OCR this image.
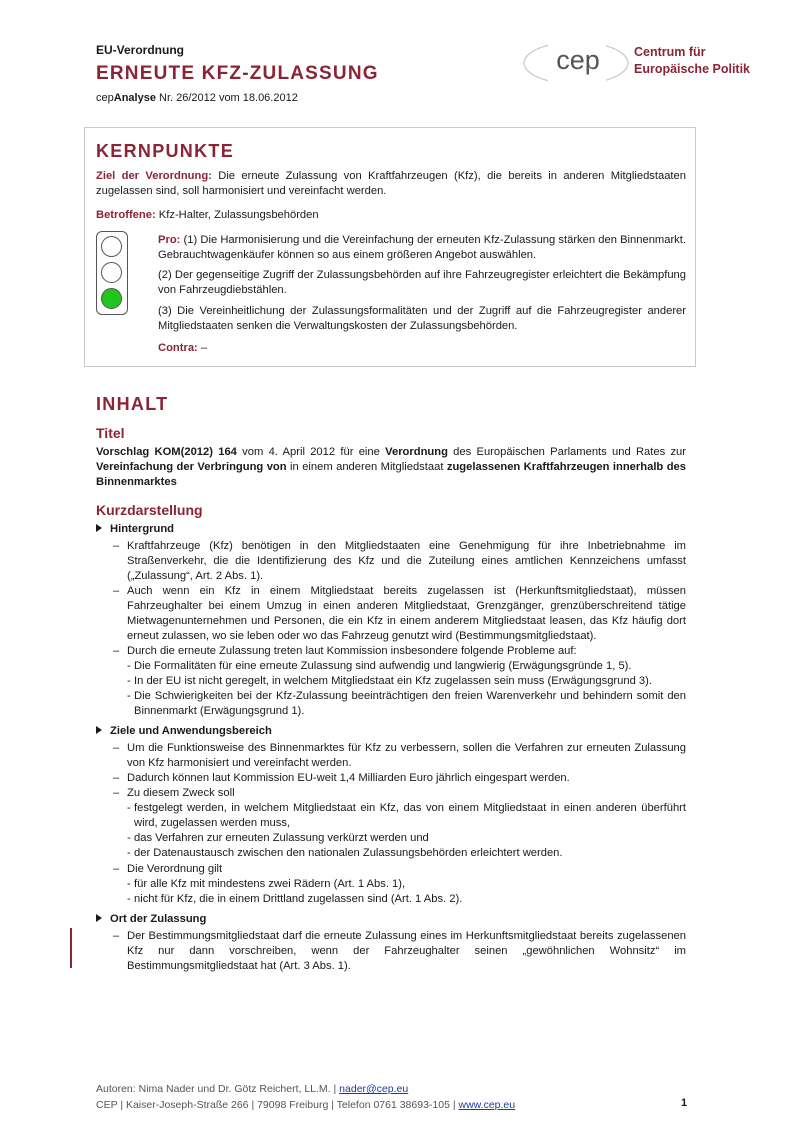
EU-Verordnung
ERNEUTE KFZ-ZULASSUNG
cepAnalyse Nr. 26/2012 vom 18.06.2012
cep	Centrum für
Europäische Politik
KERNPUNKTE
Ziel der Verordnung: Die erneute Zulassung von Kraftfahrzeugen (Kfz), die bereits in anderen Mitgliedstaaten zugelassen sind, soll harmonisiert und vereinfacht werden.
Betroffene: Kfz-Halter, Zulassungsbehörden
Pro: (1) Die Harmonisierung und die Vereinfachung der erneuten Kfz-Zulassung stärken den Binnenmarkt. Gebrauchtwagenkäufer können so aus einem größeren Angebot auswählen.
(2) Der gegenseitige Zugriff der Zulassungsbehörden auf ihre Fahrzeugregister erleichtert die Bekämpfung von Fahrzeugdiebstählen.
(3) Die Vereinheitlichung der Zulassungsformalitäten und der Zugriff auf die Fahrzeugregister anderer Mitgliedstaaten senken die Verwaltungskosten der Zulassungsbehörden.
Contra: –
INHALT
Titel
Vorschlag KOM(2012) 164 vom 4. April 2012 für eine Verordnung des Europäischen Parlaments und Rates zur Vereinfachung der Verbringung von in einem anderen Mitgliedstaat zugelassenen Kraftfahrzeugen innerhalb des Binnenmarktes
Kurzdarstellung
Hintergrund
– Kraftfahrzeuge (Kfz) benötigen in den Mitgliedstaaten eine Genehmigung für ihre Inbetriebnahme im Straßenverkehr, die die Identifizierung des Kfz und die Zuteilung eines amtlichen Kennzeichens umfasst („Zulassung“, Art. 2 Abs. 1).
– Auch wenn ein Kfz in einem Mitgliedstaat bereits zugelassen ist (Herkunftsmitgliedstaat), müssen Fahrzeughalter bei einem Umzug in einen anderen Mitgliedstaat, Grenzgänger, grenzüberschreitend tätige Mietwagenunternehmen und Personen, die ein Kfz in einem anderem Mitgliedstaat leasen, das Kfz häufig dort erneut zulassen, wo sie leben oder wo das Fahrzeug genutzt wird (Bestimmungsmitgliedstaat).
– Durch die erneute Zulassung treten laut Kommission insbesondere folgende Probleme auf:
- Die Formalitäten für eine erneute Zulassung sind aufwendig und langwierig (Erwägungsgründe 1, 5).
- In der EU ist nicht geregelt, in welchem Mitgliedstaat ein Kfz zugelassen sein muss (Erwägungsgrund 3).
- Die Schwierigkeiten bei der Kfz-Zulassung beeinträchtigen den freien Warenverkehr und behindern somit den Binnenmarkt (Erwägungsgrund 1).
Ziele und Anwendungsbereich
– Um die Funktionsweise des Binnenmarktes für Kfz zu verbessern, sollen die Verfahren zur erneuten Zulassung von Kfz harmonisiert und vereinfacht werden.
– Dadurch können laut Kommission EU-weit 1,4 Milliarden Euro jährlich eingespart werden.
– Zu diesem Zweck soll
- festgelegt werden, in welchem Mitgliedstaat ein Kfz, das von einem Mitgliedstaat in einen anderen überführt wird, zugelassen werden muss,
- das Verfahren zur erneuten Zulassung verkürzt werden und
- der Datenaustausch zwischen den nationalen Zulassungsbehörden erleichtert werden.
– Die Verordnung gilt
- für alle Kfz mit mindestens zwei Rädern (Art. 1 Abs. 1),
- nicht für Kfz, die in einem Drittland zugelassen sind (Art. 1 Abs. 2).
Ort der Zulassung
– Der Bestimmungsmitgliedstaat darf die erneute Zulassung eines im Herkunftsmitgliedstaat bereits zugelassenen Kfz nur dann vorschreiben, wenn der Fahrzeughalter seinen „gewöhnlichen Wohnsitz“ im Bestimmungsmitgliedstaat hat (Art. 3 Abs. 1).
Autoren: Nima Nader und Dr. Götz Reichert, LL.M. | nader@cep.eu
CEP | Kaiser-Joseph-Straße 266 | 79098 Freiburg | Telefon 0761 38693-105 | www.cep.eu	1
